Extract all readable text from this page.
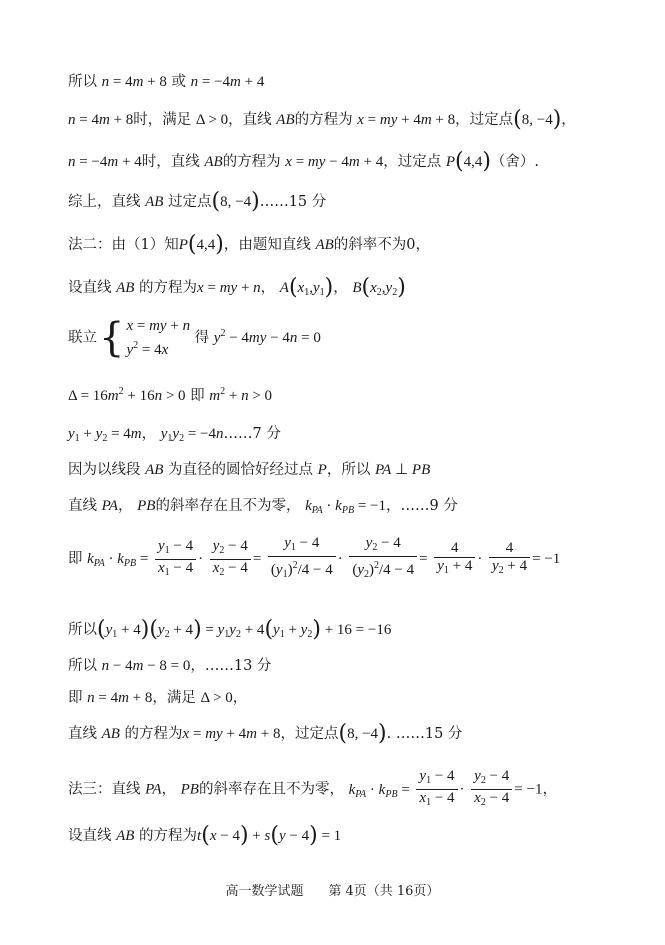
所以 n = 4m + 8 或 n = −4m + 4
n = 4m + 8时，满足 Δ > 0，直线 AB的方程为 x = my + 4m + 8，过定点(8, −4)，
n = −4m + 4时，直线 AB的方程为 x = my − 4m + 4，过定点 P(4,4)（舍）.
综上，直线 AB 过定点(8, −4)……15 分
法二：由（1）知P(4,4)，由题知直线 AB的斜率不为0，
设直线 AB 的方程为x = my + n， $A(x_1,y_1)$， $B(x_2,y_2)$
联立{ x = my + n
$y^2 = 4x$
得 $y^2 - 4my - 4n = 0$
$\Delta = 16m^2 + 16n > 0$ 即 $m^2 + n > 0$
$y_1 + y_2 = 4m$， $y_1y_2$ = −4n……7 分
因为以线段 AB 为直径的圆恰好经过点 P，所以 PA ⊥ PB
直线 PA， PB的斜率存在且不为零， $k_{PA} \cdot k_{PB} = -1$，……9 分
即 $k_{PA} \cdot k_{PB} = \frac{y_1 - 4}{x_1 - 4} \cdot \frac{y_2 - 4}{x_2 - 4} = \frac{y_1 - 4}{(y_1)^2/4 - 4} \cdot \frac{y_2 - 4}{(y_2)^2/4 - 4} = \frac{4}{y_1 + 4} \cdot \frac{4}{y_2 + 4} = -1$
所以$(y_1 + 4)(y_2 + 4) = y_1y_2 + 4(y_1 + y_2) + 16 = -16$
所以 n − 4m − 8 = 0，……13 分
即 n = 4m + 8，满足 Δ > 0，
直线 AB 的方程为x = my + 4m + 8，过定点(8, −4). ……15 分
法三：直线 PA， PB的斜率存在且不为零， $k_{PA} \cdot k_{PB} = \frac{y_1 - 4}{x_1 - 4} \cdot \frac{y_2 - 4}{x_2 - 4} = -1$，
设直线 AB 的方程为t(x − 4) + s(y − 4) = 1
高一数学试题 第 4页（共 16页）
